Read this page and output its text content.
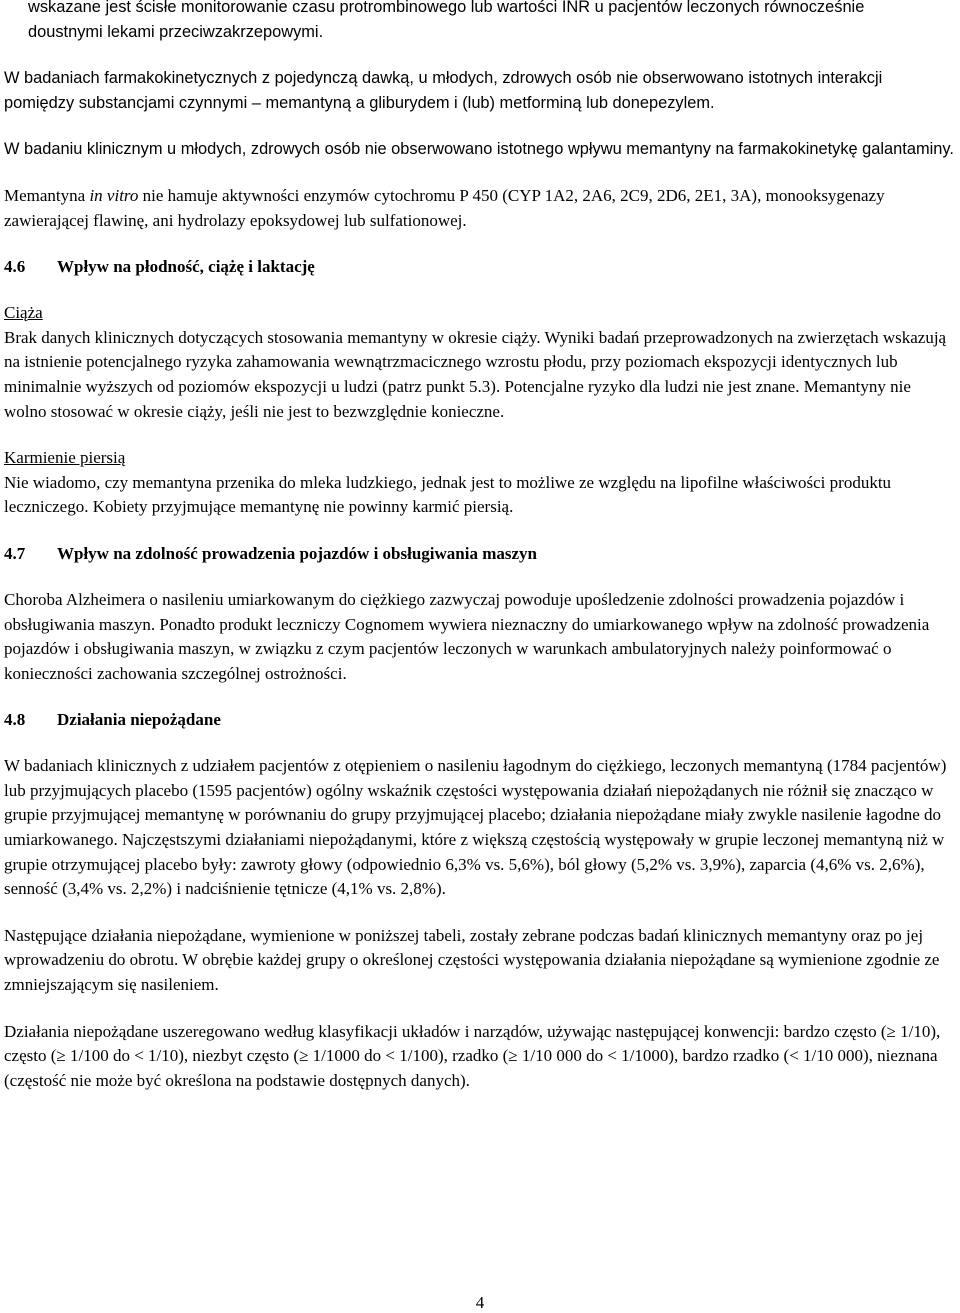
wskazane jest ścisłe monitorowanie czasu protrombinowego lub wartości INR u pacjentów leczonych równocześnie doustnymi lekami przeciwzakrzepowymi.

W badaniach farmakokinetycznych z pojedynczą dawką, u młodych, zdrowych osób nie obserwowano istotnych interakcji pomiędzy substancjami czynnymi – memantyną a gliburydem i (lub) metforminą lub donepezylem.

W badaniu klinicznym u młodych, zdrowych osób nie obserwowano istotnego wpływu memantyny na farmakokinetykę galantaminy.

Memantyna in vitro nie hamuje aktywności enzymów cytochromu P 450 (CYP 1A2, 2A6, 2C9, 2D6, 2E1, 3A), monooksygenazy zawierającej flawinę, ani hydrolazy epoksydowej lub sulfationowej.

4.6 Wpływ na płodność, ciążę i laktację

Ciąża

Brak danych klinicznych dotyczących stosowania memantyny w okresie ciąży. Wyniki badań przeprowadzonych na zwierzętach wskazują na istnienie potencjalnego ryzyka zahamowania wewnątrzmacicznego wzrostu płodu, przy poziomach ekspozycji identycznych lub minimalnie wyższych od poziomów ekspozycji u ludzi (patrz punkt 5.3). Potencjalne ryzyko dla ludzi nie jest znane. Memantyny nie wolno stosować w okresie ciąży, jeśli nie jest to bezwzględnie konieczne.

Karmienie piersią

Nie wiadomo, czy memantyna przenika do mleka ludzkiego, jednak jest to możliwe ze względu na lipofilne właściwości produktu leczniczego. Kobiety przyjmujące memantynę nie powinny karmić piersią.

4.7 Wpływ na zdolność prowadzenia pojazdów i obsługiwania maszyn

Choroba Alzheimera o nasileniu umiarkowanym do ciężkiego zazwyczaj powoduje upośledzenie zdolności prowadzenia pojazdów i obsługiwania maszyn. Ponadto produkt leczniczy Cognomem wywiera nieznaczny do umiarkowanego wpływ na zdolność prowadzenia pojazdów i obsługiwania maszyn, w związku z czym pacjentów leczonych w warunkach ambulatoryjnych należy poinformować o konieczności zachowania szczególnej ostrożności.

4.8 Działania niepożądane

W badaniach klinicznych z udziałem pacjentów z otępieniem o nasileniu łagodnym do ciężkiego, leczonych memantyną (1784 pacjentów) lub przyjmujących placebo (1595 pacjentów) ogólny wskaźnik częstości występowania działań niepożądanych nie różnił się znacząco w grupie przyjmującej memantynę w porównaniu do grupy przyjmującej placebo; działania niepożądane miały zwykle nasilenie łagodne do umiarkowanego. Najczęstszymi działaniami niepożądanymi, które z większą częstością występowały w grupie leczonej memantyną niż w grupie otrzymującej placebo były: zawroty głowy (odpowiednio 6,3% vs. 5,6%), ból głowy (5,2% vs. 3,9%), zaparcia (4,6% vs. 2,6%), senność (3,4% vs. 2,2%) i nadciśnienie tętnicze (4,1% vs. 2,8%).

Następujące działania niepożądane, wymienione w poniższej tabeli, zostały zebrane podczas badań klinicznych memantyny oraz po jej wprowadzeniu do obrotu. W obrębie każdej grupy o określonej częstości występowania działania niepożądane są wymienione zgodnie ze zmniejszającym się nasileniem.

Działania niepożądane uszeregowano według klasyfikacji układów i narządów, używając następującej konwencji: bardzo często (≥ 1/10), często (≥ 1/100 do < 1/10), niezbyt często (≥ 1/1000 do < 1/100), rzadko (≥ 1/10 000 do < 1/1000), bardzo rzadko (< 1/10 000), nieznana (częstość nie może być określona na podstawie dostępnych danych).

4
